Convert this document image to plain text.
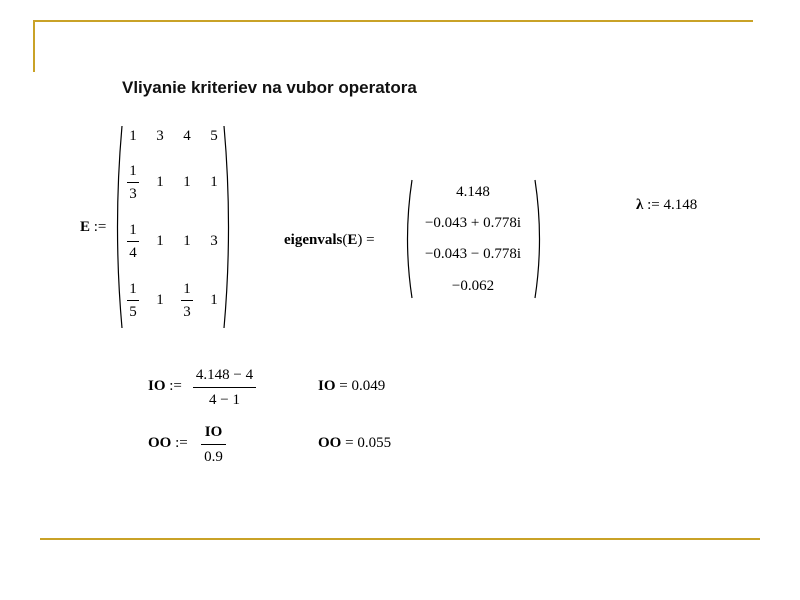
Vliyanie kriteriev na vubor operatora
E :=
1 3 4 5
1
3
1 1 1
1
4
1 1 3
1
5
1
1
3
1
eigenvals(E) =
4.148
−0.043 + 0.778i
−0.043 − 0.778i
−0.062
λ := 4.148
IO :=
4.148 − 4
4 − 1
IO = 0.049
OO :=
IO
0.9
OO = 0.055
